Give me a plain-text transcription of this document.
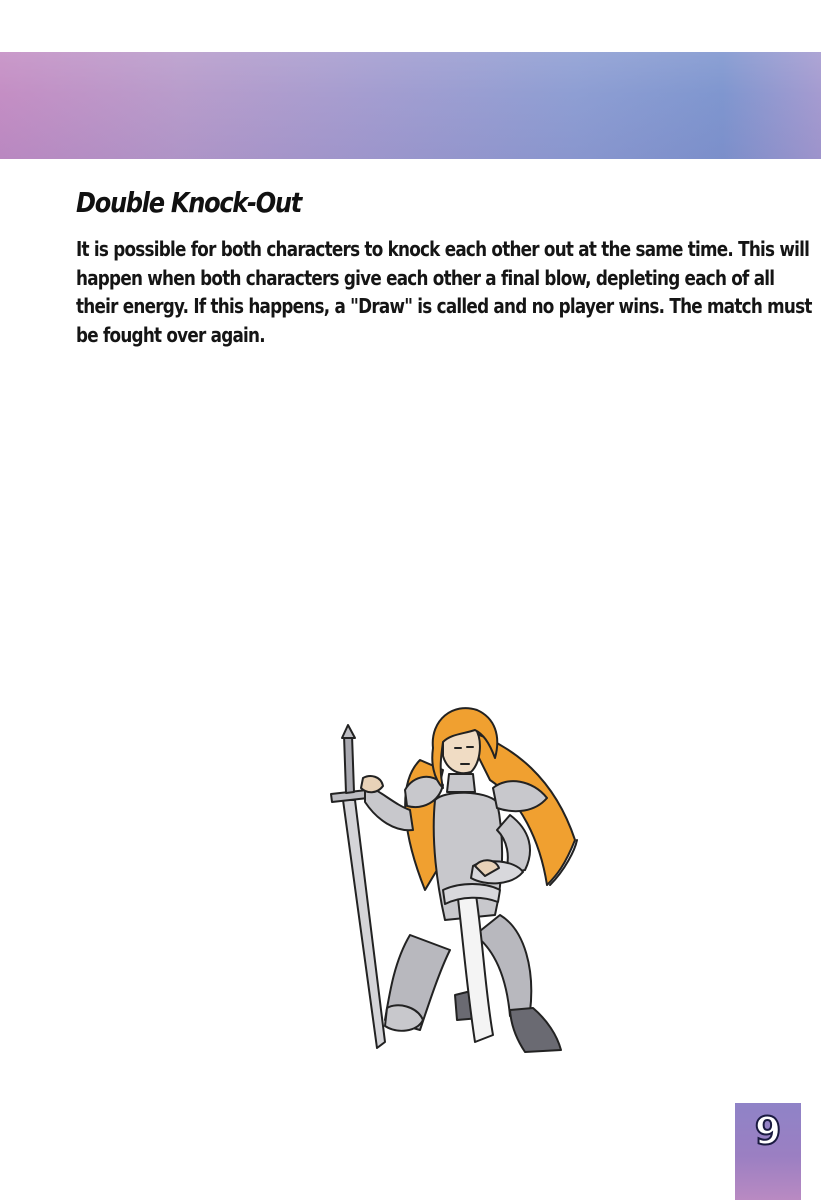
Double Knock-Out

It is possible for both characters to knock each other out at the same time. This will
happen when both characters give each other a final blow, depleting each of all
their energy. If this happens, a "Draw" is called and no player wins. The match must
be fought over again.

9
